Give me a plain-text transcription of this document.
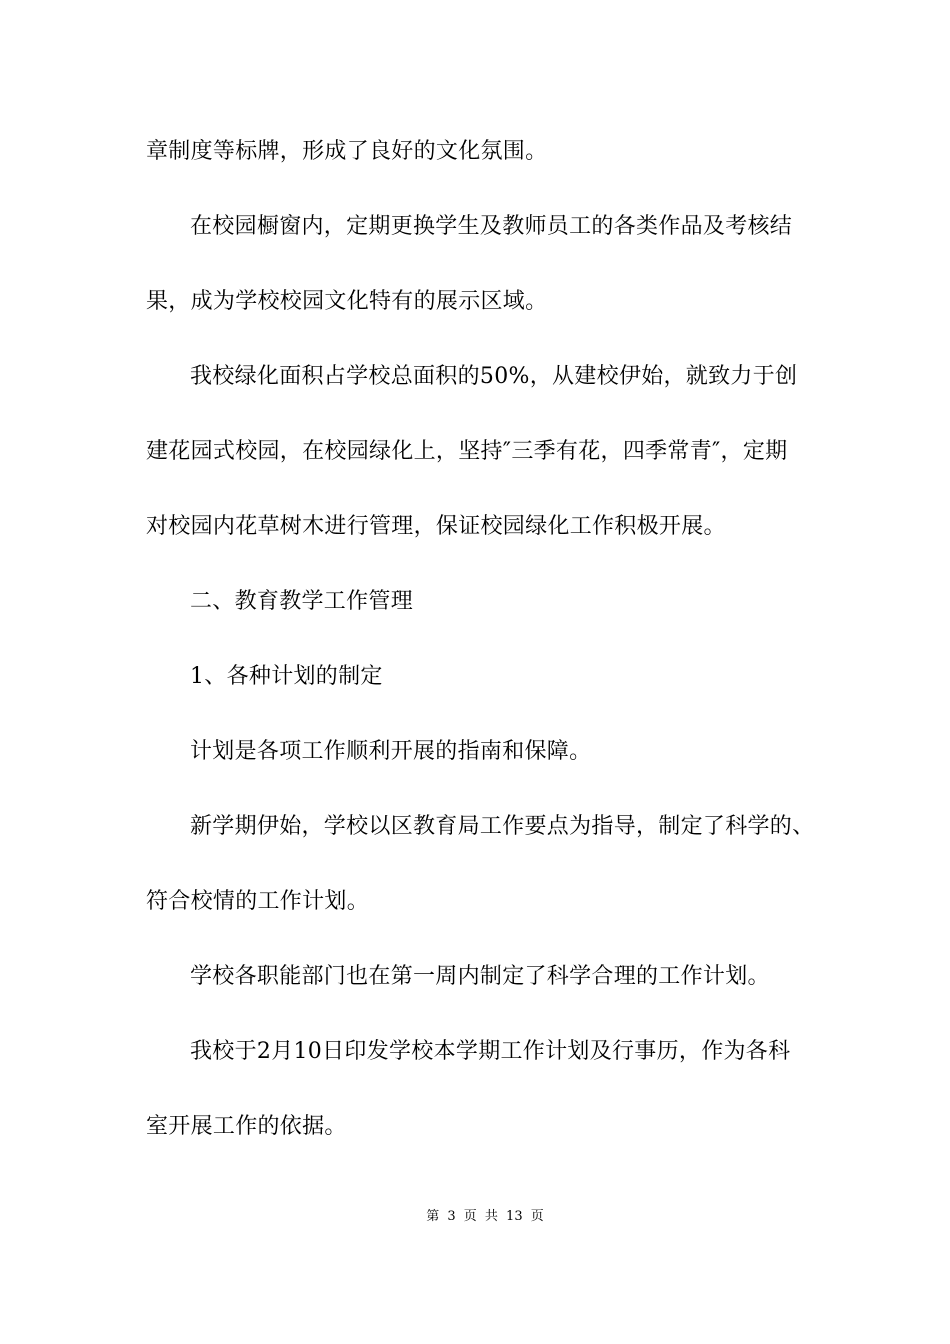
章制度等标牌，形成了良好的文化氛围。
在校园橱窗内，定期更换学生及教师员工的各类作品及考核结
果，成为学校校园文化特有的展示区域。
我校绿化面积占学校总面积的50%，从建校伊始，就致力于创
建花园式校园，在校园绿化上，坚持″三季有花，四季常青″，定期
对校园内花草树木进行管理，保证校园绿化工作积极开展。
二、教育教学工作管理
1、各种计划的制定
计划是各项工作顺利开展的指南和保障。
新学期伊始，学校以区教育局工作要点为指导，制定了科学的、
符合校情的工作计划。
学校各职能部门也在第一周内制定了科学合理的工作计划。
我校于2月10日印发学校本学期工作计划及行事历，作为各科
室开展工作的依据。
第 3 页 共 13 页
